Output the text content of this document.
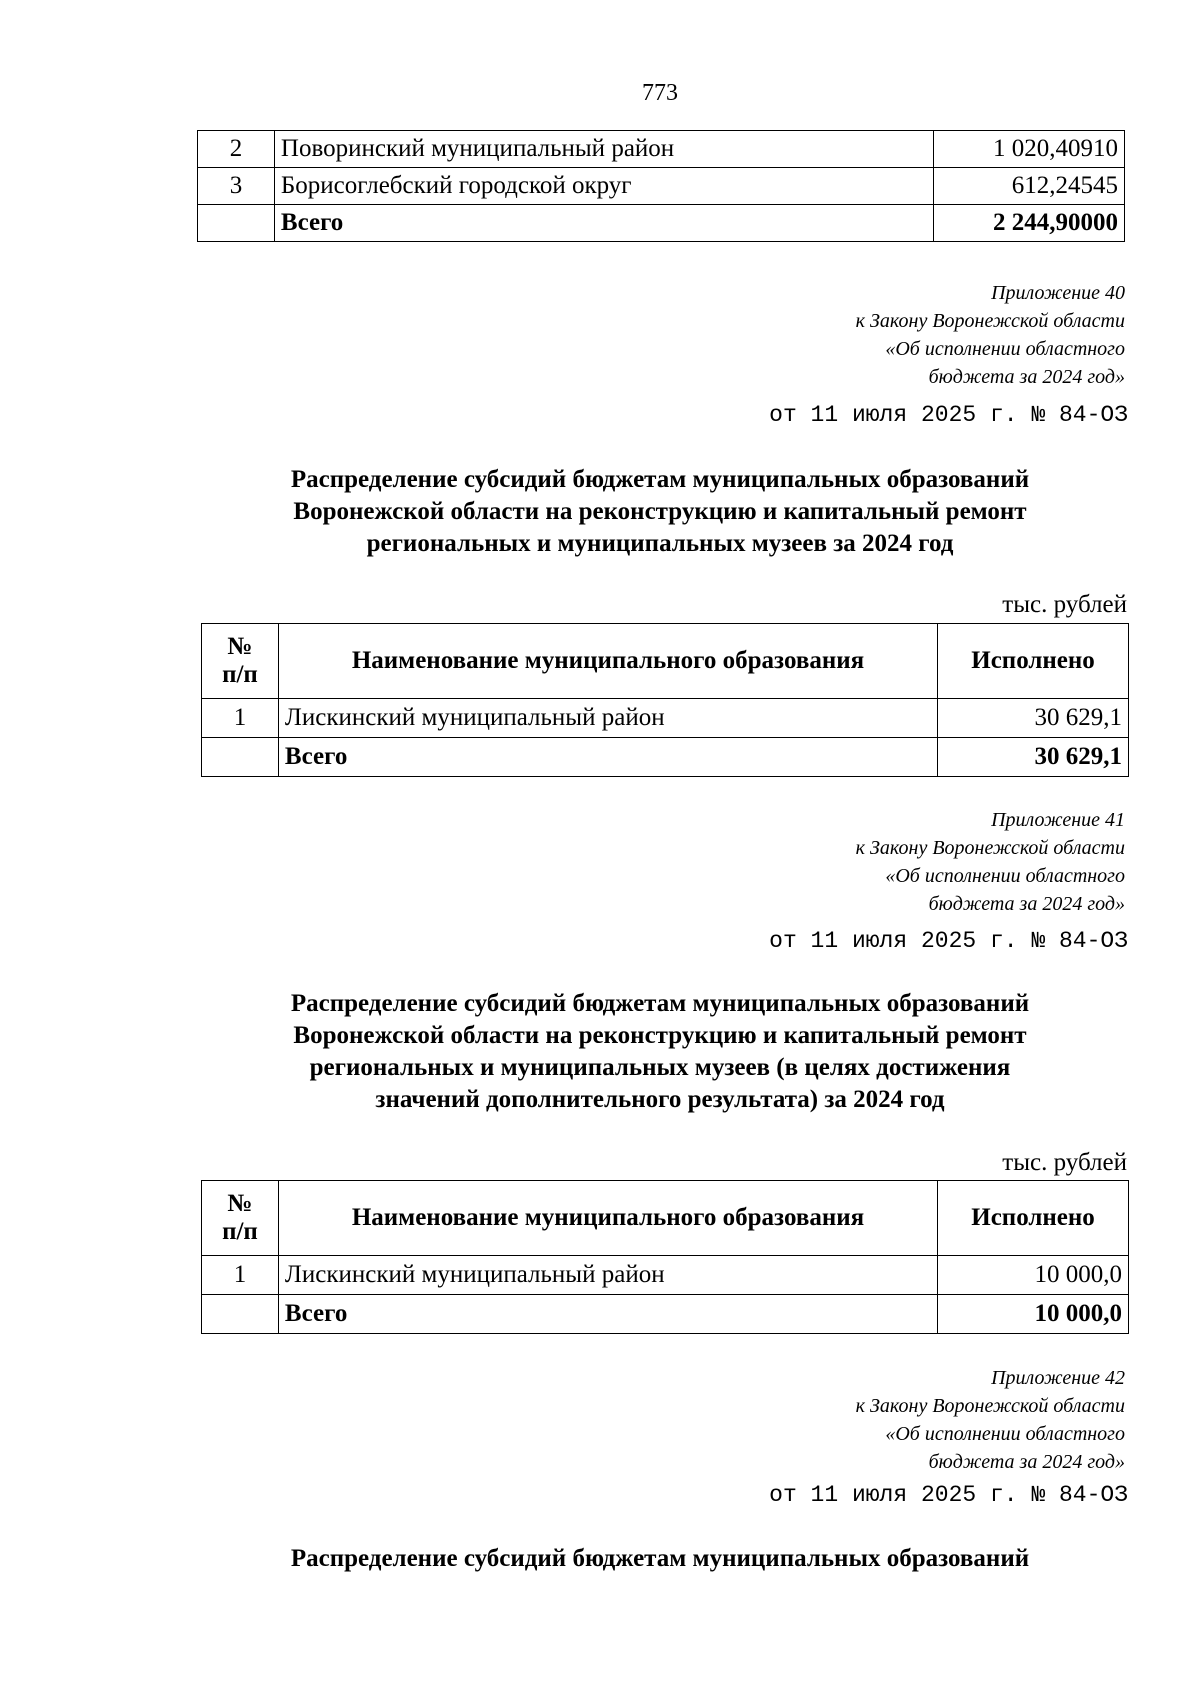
773
2	Поворинский муниципальный район	1 020,40910
3	Борисоглебский городской округ	612,24545
	Всего	2 244,90000
Приложение 40
к Закону Воронежской области
«Об исполнении областного
бюджета за 2024 год»
от 11 июля 2025 г. № 84-ОЗ
Распределение субсидий бюджетам муниципальных образований
Воронежской области на реконструкцию и капитальный ремонт
региональных и муниципальных музеев за 2024 год
тыс. рублей
№
п/п	Наименование муниципального образования	Исполнено
1	Лискинский муниципальный район	30 629,1
	Всего	30 629,1
Приложение 41
к Закону Воронежской области
«Об исполнении областного
бюджета за 2024 год»
от 11 июля 2025 г. № 84-ОЗ
Распределение субсидий бюджетам муниципальных образований
Воронежской области на реконструкцию и капитальный ремонт
региональных и муниципальных музеев (в целях достижения
значений дополнительного результата) за 2024 год
тыс. рублей
№
п/п	Наименование муниципального образования	Исполнено
1	Лискинский муниципальный район	10 000,0
	Всего	10 000,0
Приложение 42
к Закону Воронежской области
«Об исполнении областного
бюджета за 2024 год»
от 11 июля 2025 г. № 84-ОЗ
Распределение субсидий бюджетам муниципальных образований
